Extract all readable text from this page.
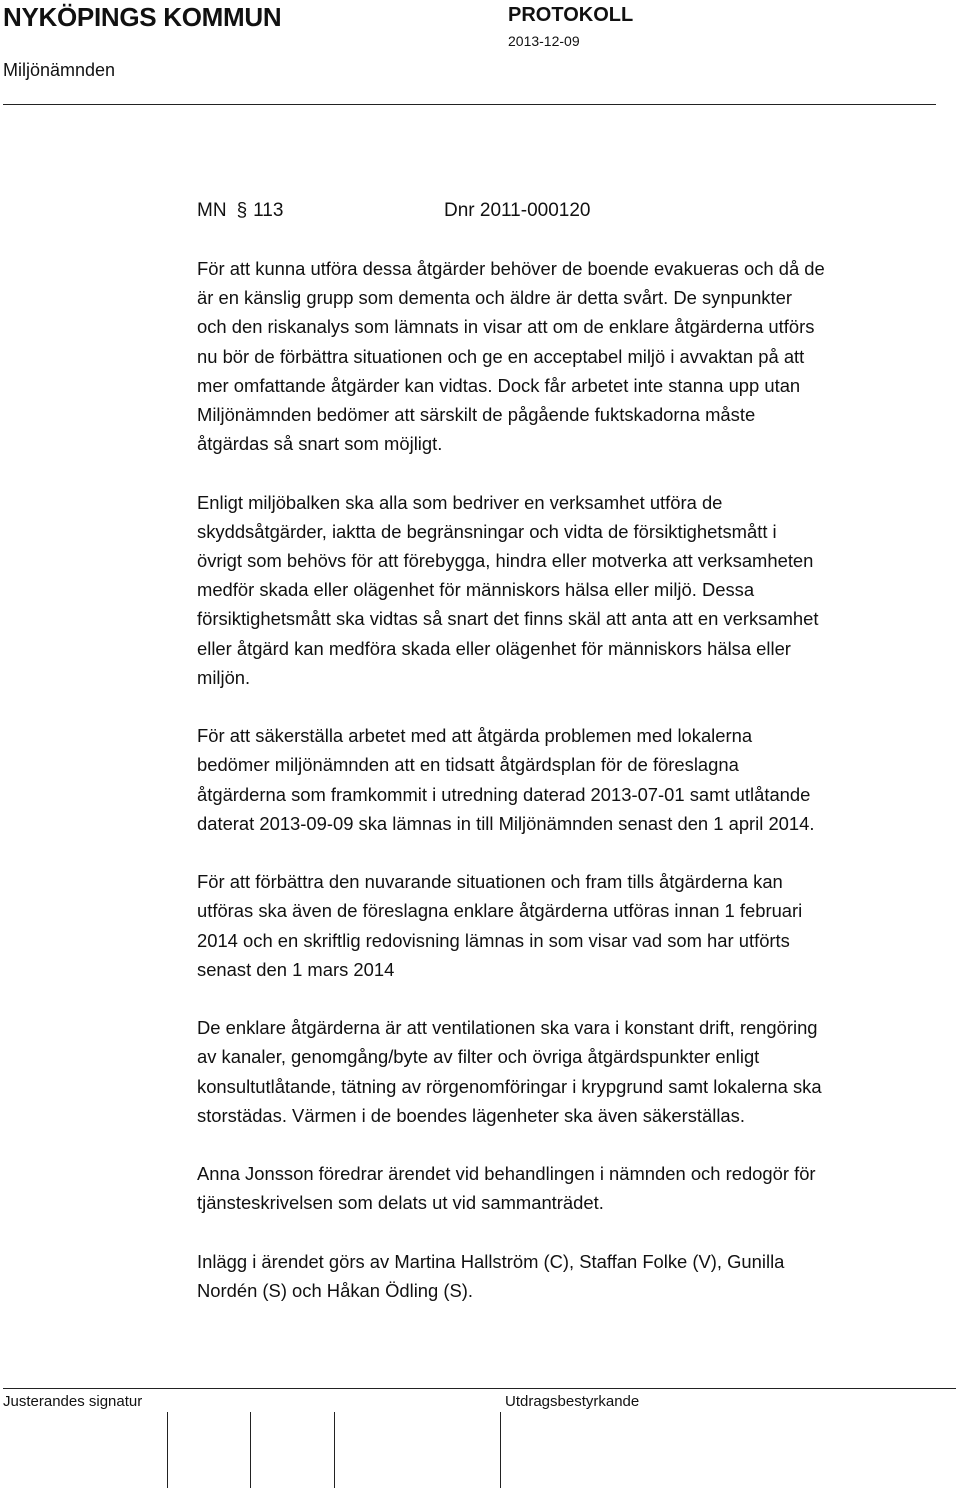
NYKÖPINGS KOMMUN	PROTOKOLL
2013-12-09
Miljönämnden
MN § 113	Dnr 2011-000120

För att kunna utföra dessa åtgärder behöver de boende evakueras och då de
är en känslig grupp som dementa och äldre är detta svårt. De synpunkter
och den riskanalys som lämnats in visar att om de enklare åtgärderna utförs
nu bör de förbättra situationen och ge en acceptabel miljö i avvaktan på att
mer omfattande åtgärder kan vidtas. Dock får arbetet inte stanna upp utan
Miljönämnden bedömer att särskilt de pågående fuktskadorna måste
åtgärdas så snart som möjligt.

Enligt miljöbalken ska alla som bedriver en verksamhet utföra de
skyddsåtgärder, iaktta de begränsningar och vidta de försiktighetsmått i
övrigt som behövs för att förebygga, hindra eller motverka att verksamheten
medför skada eller olägenhet för människors hälsa eller miljö. Dessa
försiktighetsmått ska vidtas så snart det finns skäl att anta att en verksamhet
eller åtgärd kan medföra skada eller olägenhet för människors hälsa eller
miljön.

För att säkerställa arbetet med att åtgärda problemen med lokalerna
bedömer miljönämnden att en tidsatt åtgärdsplan för de föreslagna
åtgärderna som framkommit i utredning daterad 2013-07-01 samt utlåtande
daterat 2013-09-09 ska lämnas in till Miljönämnden senast den 1 april 2014.

För att förbättra den nuvarande situationen och fram tills åtgärderna kan
utföras ska även de föreslagna enklare åtgärderna utföras innan 1 februari
2014 och en skriftlig redovisning lämnas in som visar vad som har utförts
senast den 1 mars 2014

De enklare åtgärderna är att ventilationen ska vara i konstant drift, rengöring
av kanaler, genomgång/byte av filter och övriga åtgärdspunkter enligt
konsultutlåtande, tätning av rörgenomföringar i krypgrund samt lokalerna ska
storstädas. Värmen i de boendes lägenheter ska även säkerställas.

Anna Jonsson föredrar ärendet vid behandlingen i nämnden och redogör för
tjänsteskrivelsen som delats ut vid sammanträdet.

Inlägg i ärendet görs av Martina Hallström (C), Staffan Folke (V), Gunilla
Nordén (S) och Håkan Ödling (S).

Justerandes signatur	Utdragsbestyrkande
